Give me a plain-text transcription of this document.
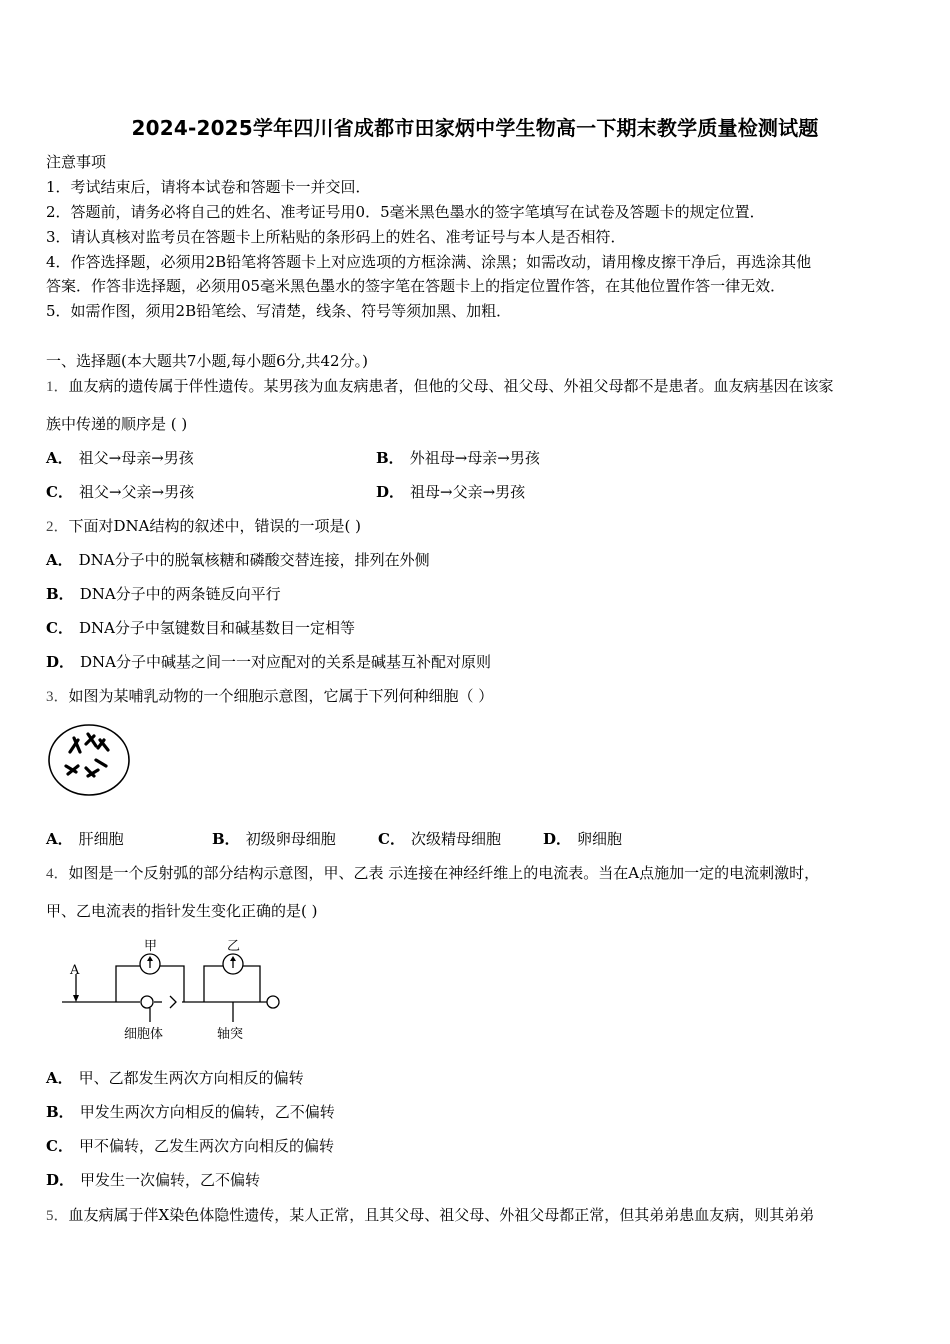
2024-2025学年四川省成都市田家炳中学生物高一下期末教学质量检测试题
注意事项
1．考试结束后，请将本试卷和答题卡一并交回．
2．答题前，请务必将自己的姓名、准考证号用0．5毫米黑色墨水的签字笔填写在试卷及答题卡的规定位置．
3．请认真核对监考员在答题卡上所粘贴的条形码上的姓名、准考证号与本人是否相符．
4．作答选择题，必须用2B铅笔将答题卡上对应选项的方框涂满、涂黑；如需改动，请用橡皮擦干净后，再选涂其他
答案．作答非选择题，必须用05毫米黑色墨水的签字笔在答题卡上的指定位置作答，在其他位置作答一律无效．
5．如需作图，须用2B铅笔绘、写清楚，线条、符号等须加黑、加粗．
一、选择题(本大题共7小题,每小题6分,共42分。)
1．血友病的遗传属于伴性遗传。某男孩为血友病患者，但他的父母、祖父母、外祖父母都不是患者。血友病基因在该家
族中传递的顺序是 ( )
A． 祖父→母亲→男孩	B． 外祖母→母亲→男孩
C． 祖父→父亲→男孩	D． 祖母→父亲→男孩
2．下面对DNA结构的叙述中，错误的一项是( )
A． DNA分子中的脱氧核糖和磷酸交替连接，排列在外侧
B． DNA分子中的两条链反向平行
C． DNA分子中氢键数目和碱基数目一定相等
D． DNA分子中碱基之间一一对应配对的关系是碱基互补配对原则
3．如图为某哺乳动物的一个细胞示意图，它属于下列何种细胞（ ）
A． 肝细胞	B． 初级卵母细胞	C． 次级精母细胞	D． 卵细胞
4．如图是一个反射弧的部分结构示意图，甲、乙表 示连接在神经纤维上的电流表。当在A点施加一定的电流刺激时，
甲、乙电流表的指针发生变化正确的是( )
甲	乙
A
细胞体	轴突
A． 甲、乙都发生两次方向相反的偏转
B． 甲发生两次方向相反的偏转，乙不偏转
C． 甲不偏转，乙发生两次方向相反的偏转
D． 甲发生一次偏转，乙不偏转
5．血友病属于伴X染色体隐性遗传，某人正常，且其父母、祖父母、外祖父母都正常，但其弟弟患血友病，则其弟弟
